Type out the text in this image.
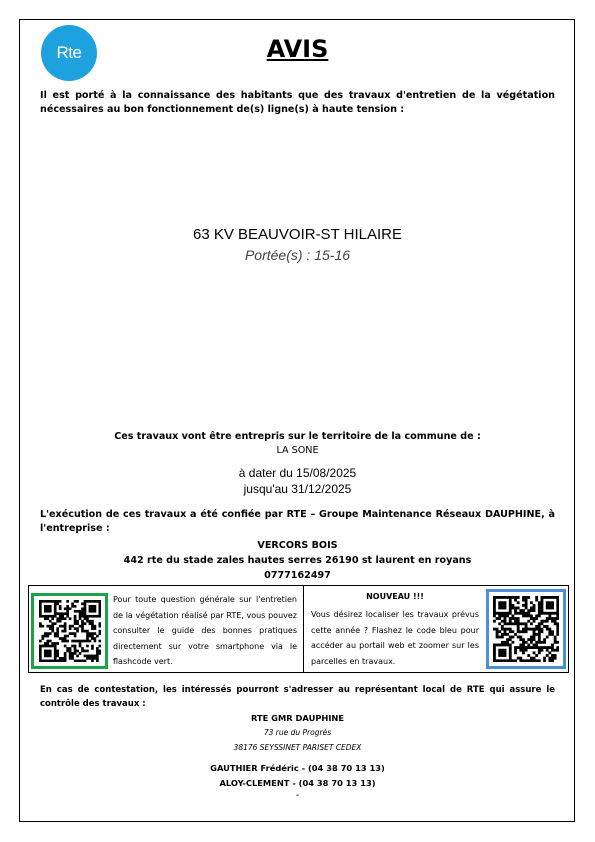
Rte	AVIS
Il est porté à la connaissance des habitants que des travaux d'entretien de la végétation nécessaires au bon fonctionnement de(s) ligne(s) à haute tension :
63 KV BEAUVOIR-ST HILAIRE
Portée(s) : 15-16
Ces travaux vont être entrepris sur le territoire de la commune de :
LA SONE
à dater du 15/08/2025
jusqu'au 31/12/2025
L'exécution de ces travaux a été confiée par RTE – Groupe Maintenance Réseaux DAUPHINE, à l'entreprise :
VERCORS BOIS
442 rte du stade zales hautes serres 26190 st laurent en royans
0777162497
Pour toute question générale sur l'entretien de la végétation réalisé par RTE, vous pouvez consulter le guide des bonnes pratiques directement sur votre smartphone via le flashcode vert.
NOUVEAU !!!
Vous désirez localiser les travaux prévus cette année ? Flashez le code bleu pour accéder au portail web et zoomer sur les parcelles en travaux.
En cas de contestation, les intéressés pourront s'adresser au représentant local de RTE qui assure le contrôle des travaux :
RTE GMR DAUPHINE
73 rue du Progrès
38176 SEYSSINET PARISET CEDEX
GAUTHIER Frédéric - (04 38 70 13 13)
ALOY-CLEMENT - (04 38 70 13 13)
-
